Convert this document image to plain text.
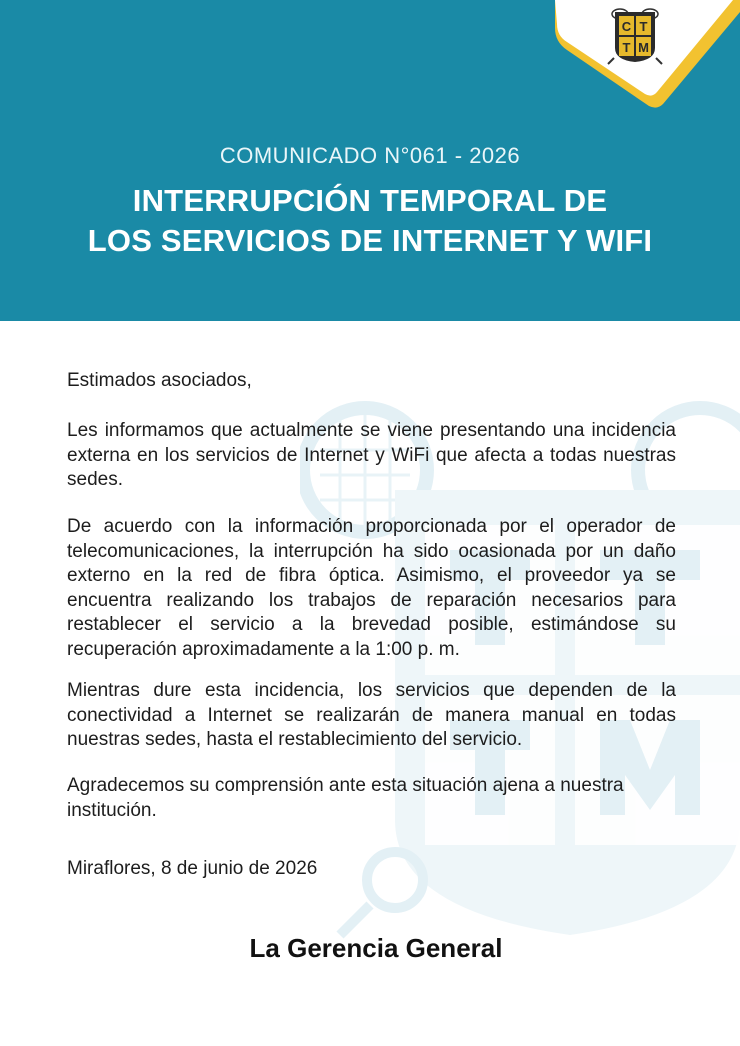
C T
T M
COMUNICADO N°061 - 2026
INTERRUPCIÓN TEMPORAL DE
LOS SERVICIOS DE INTERNET Y WIFI

Estimados asociados,

Les informamos que actualmente se viene presentando una incidencia externa en los servicios de Internet y WiFi que afecta a todas nuestras sedes.

De acuerdo con la información proporcionada por el operador de telecomunicaciones, la interrupción ha sido ocasionada por un daño externo en la red de fibra óptica. Asimismo, el proveedor ya se encuentra realizando los trabajos de reparación necesarios para restablecer el servicio a la brevedad posible, estimándose su recuperación aproximadamente a la 1:00 p. m.

Mientras dure esta incidencia, los servicios que dependen de la conectividad a Internet se realizarán de manera manual en todas nuestras sedes, hasta el restablecimiento del servicio.

Agradecemos su comprensión ante esta situación ajena a nuestra institución.

Miraflores, 8 de junio de 2026

La Gerencia General
